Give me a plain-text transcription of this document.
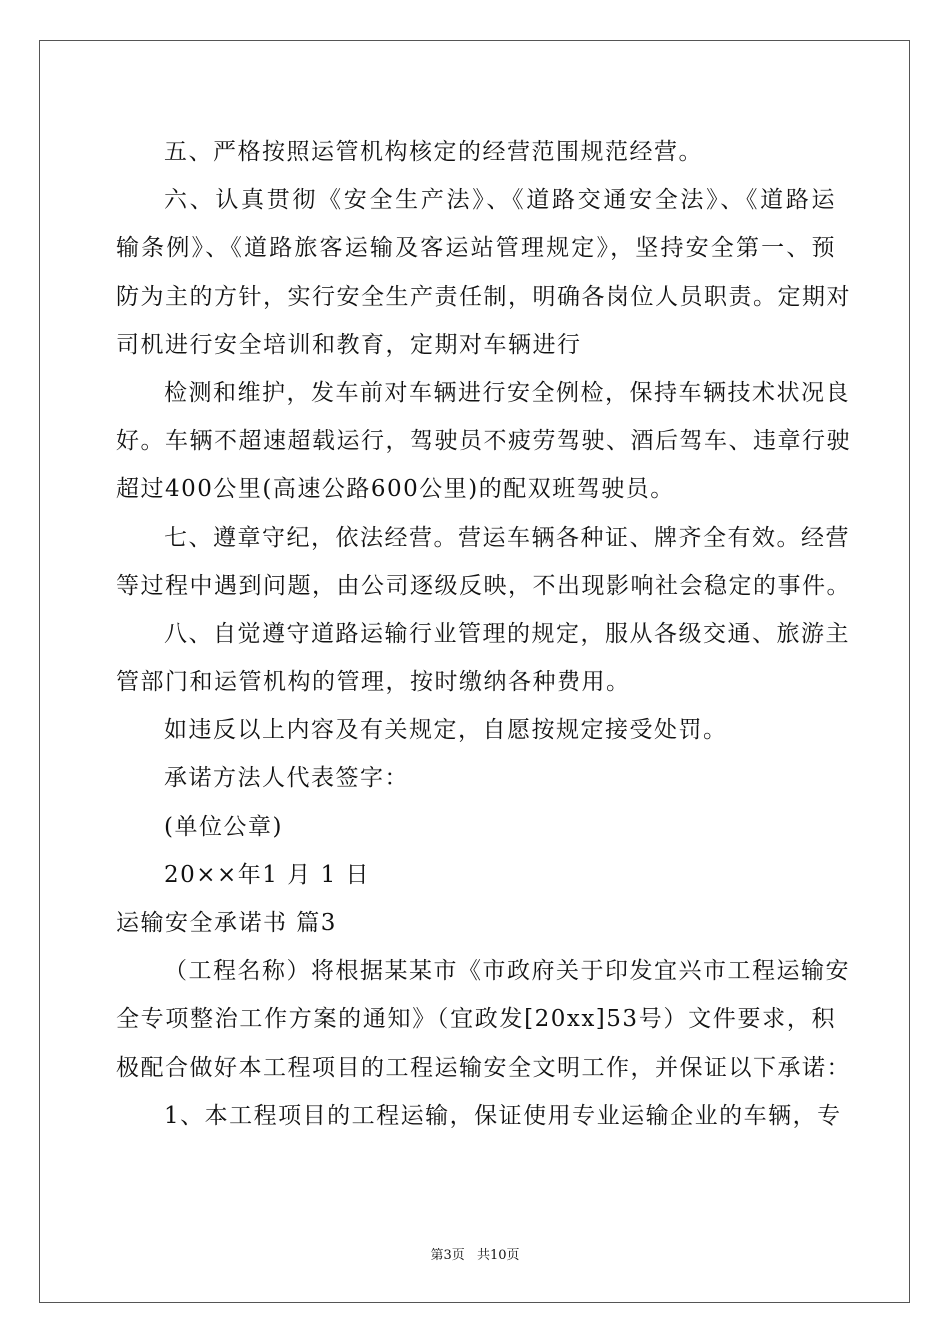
五、严格按照运管机构核定的经营范围规范经营。
六、认真贯彻《安全生产法》、《道路交通安全法》、《道路运
输条例》、《道路旅客运输及客运站管理规定》，坚持安全第一、预
防为主的方针，实行安全生产责任制，明确各岗位人员职责。定期对
司机进行安全培训和教育，定期对车辆进行
检测和维护，发车前对车辆进行安全例检，保持车辆技术状况良
好。车辆不超速超载运行，驾驶员不疲劳驾驶、酒后驾车、违章行驶
超过400公里(高速公路600公里)的配双班驾驶员。
七、遵章守纪，依法经营。营运车辆各种证、牌齐全有效。经营
等过程中遇到问题，由公司逐级反映，不出现影响社会稳定的事件。
八、自觉遵守道路运输行业管理的规定，服从各级交通、旅游主
管部门和运管机构的管理，按时缴纳各种费用。
如违反以上内容及有关规定，自愿按规定接受处罚。
承诺方法人代表签字：
(单位公章)
20××年1 月 1 日
运输安全承诺书 篇3
（工程名称）将根据某某市《市政府关于印发宜兴市工程运输安
全专项整治工作方案的通知》（宜政发[20xx]53号）文件要求，积
极配合做好本工程项目的工程运输安全文明工作，并保证以下承诺：
1、本工程项目的工程运输，保证使用专业运输企业的车辆，专
第3页 共10页
